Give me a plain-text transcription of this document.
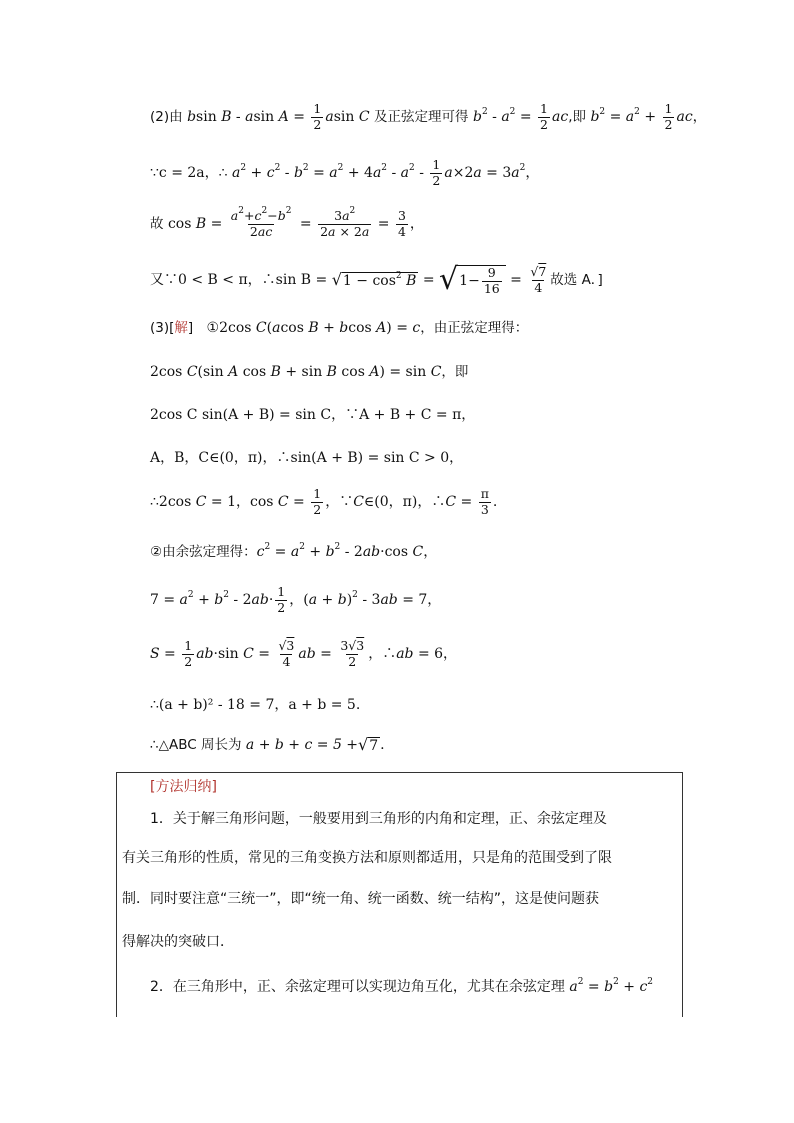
(2)由 bsin B - asin $A = \frac{1}{2}$ asin C 及正弦定理可得 $b^2 - a^2 = \frac{1}{2}$ ac,即 $b^2 = a^2 + \frac{1}{2}$ ac，
∵c = 2a，∴ $a^2 + c^2 - b^2 = a^2 + 4a^2 - a^2 - \frac{1}{2} a\times 2a = 3a^2$，
故 $\cos B = \frac{a^2+c^2-b^2}{2ac} = \frac{3a^2}{2a \times 2a} = \frac{3}{4}$ ，
又∵0 < B < π，∴sin B = √ $1 - \cos^2 B$ = √ $1- \frac{9}{16} = \frac{√7}{4}$ 故选 A．]
(3)[解]   ①2cos C(acos B + bcos A) = c，由正弦定理得：
2cos C(sin A cos B + sin B cos A) = sin C，即
2cos C sin(A + B) = sin C，∵A + B + C = π，
A，B，C∈(0，π)，∴sin(A + B) = sin C > 0，
∴2cos C = 1，$\cos C = \frac{1}{2}$ ，∵C∈(0，π)，∴C = $\frac{\pi}{3}$ .
②由余弦定理得：$c^2 = a^2 + b^2 - 2ab\cdot\cos$ C，
$7 = a^2 + b^2 - 2ab\cdot \frac{1}{2}$ ，$(a + b)^2 - 3ab = 7$，
$S = \frac{1}{2} ab\cdot\sin$ $C = \frac{√3}{4}$ ab = $\frac{3√3}{2}$ ，∴ab = 6，
∴(a + b)² - 18 = 7，a + b = 5.
∴△ABC 周长为 a + b + c = 5 + √ 7 .
[方法归纳]
1．关于解三角形问题，一般要用到三角形的内角和定理，正、余弦定理及
有关三角形的性质，常见的三角变换方法和原则都适用，只是角的范围受到了限
制．同时要注意“三统一”，即“统一角、统一函数、统一结构”，这是使问题获
得解决的突破口．
2．在三角形中，正、余弦定理可以实现边角互化，尤其在余弦定理 $a^2 = b^2 + c^2$
